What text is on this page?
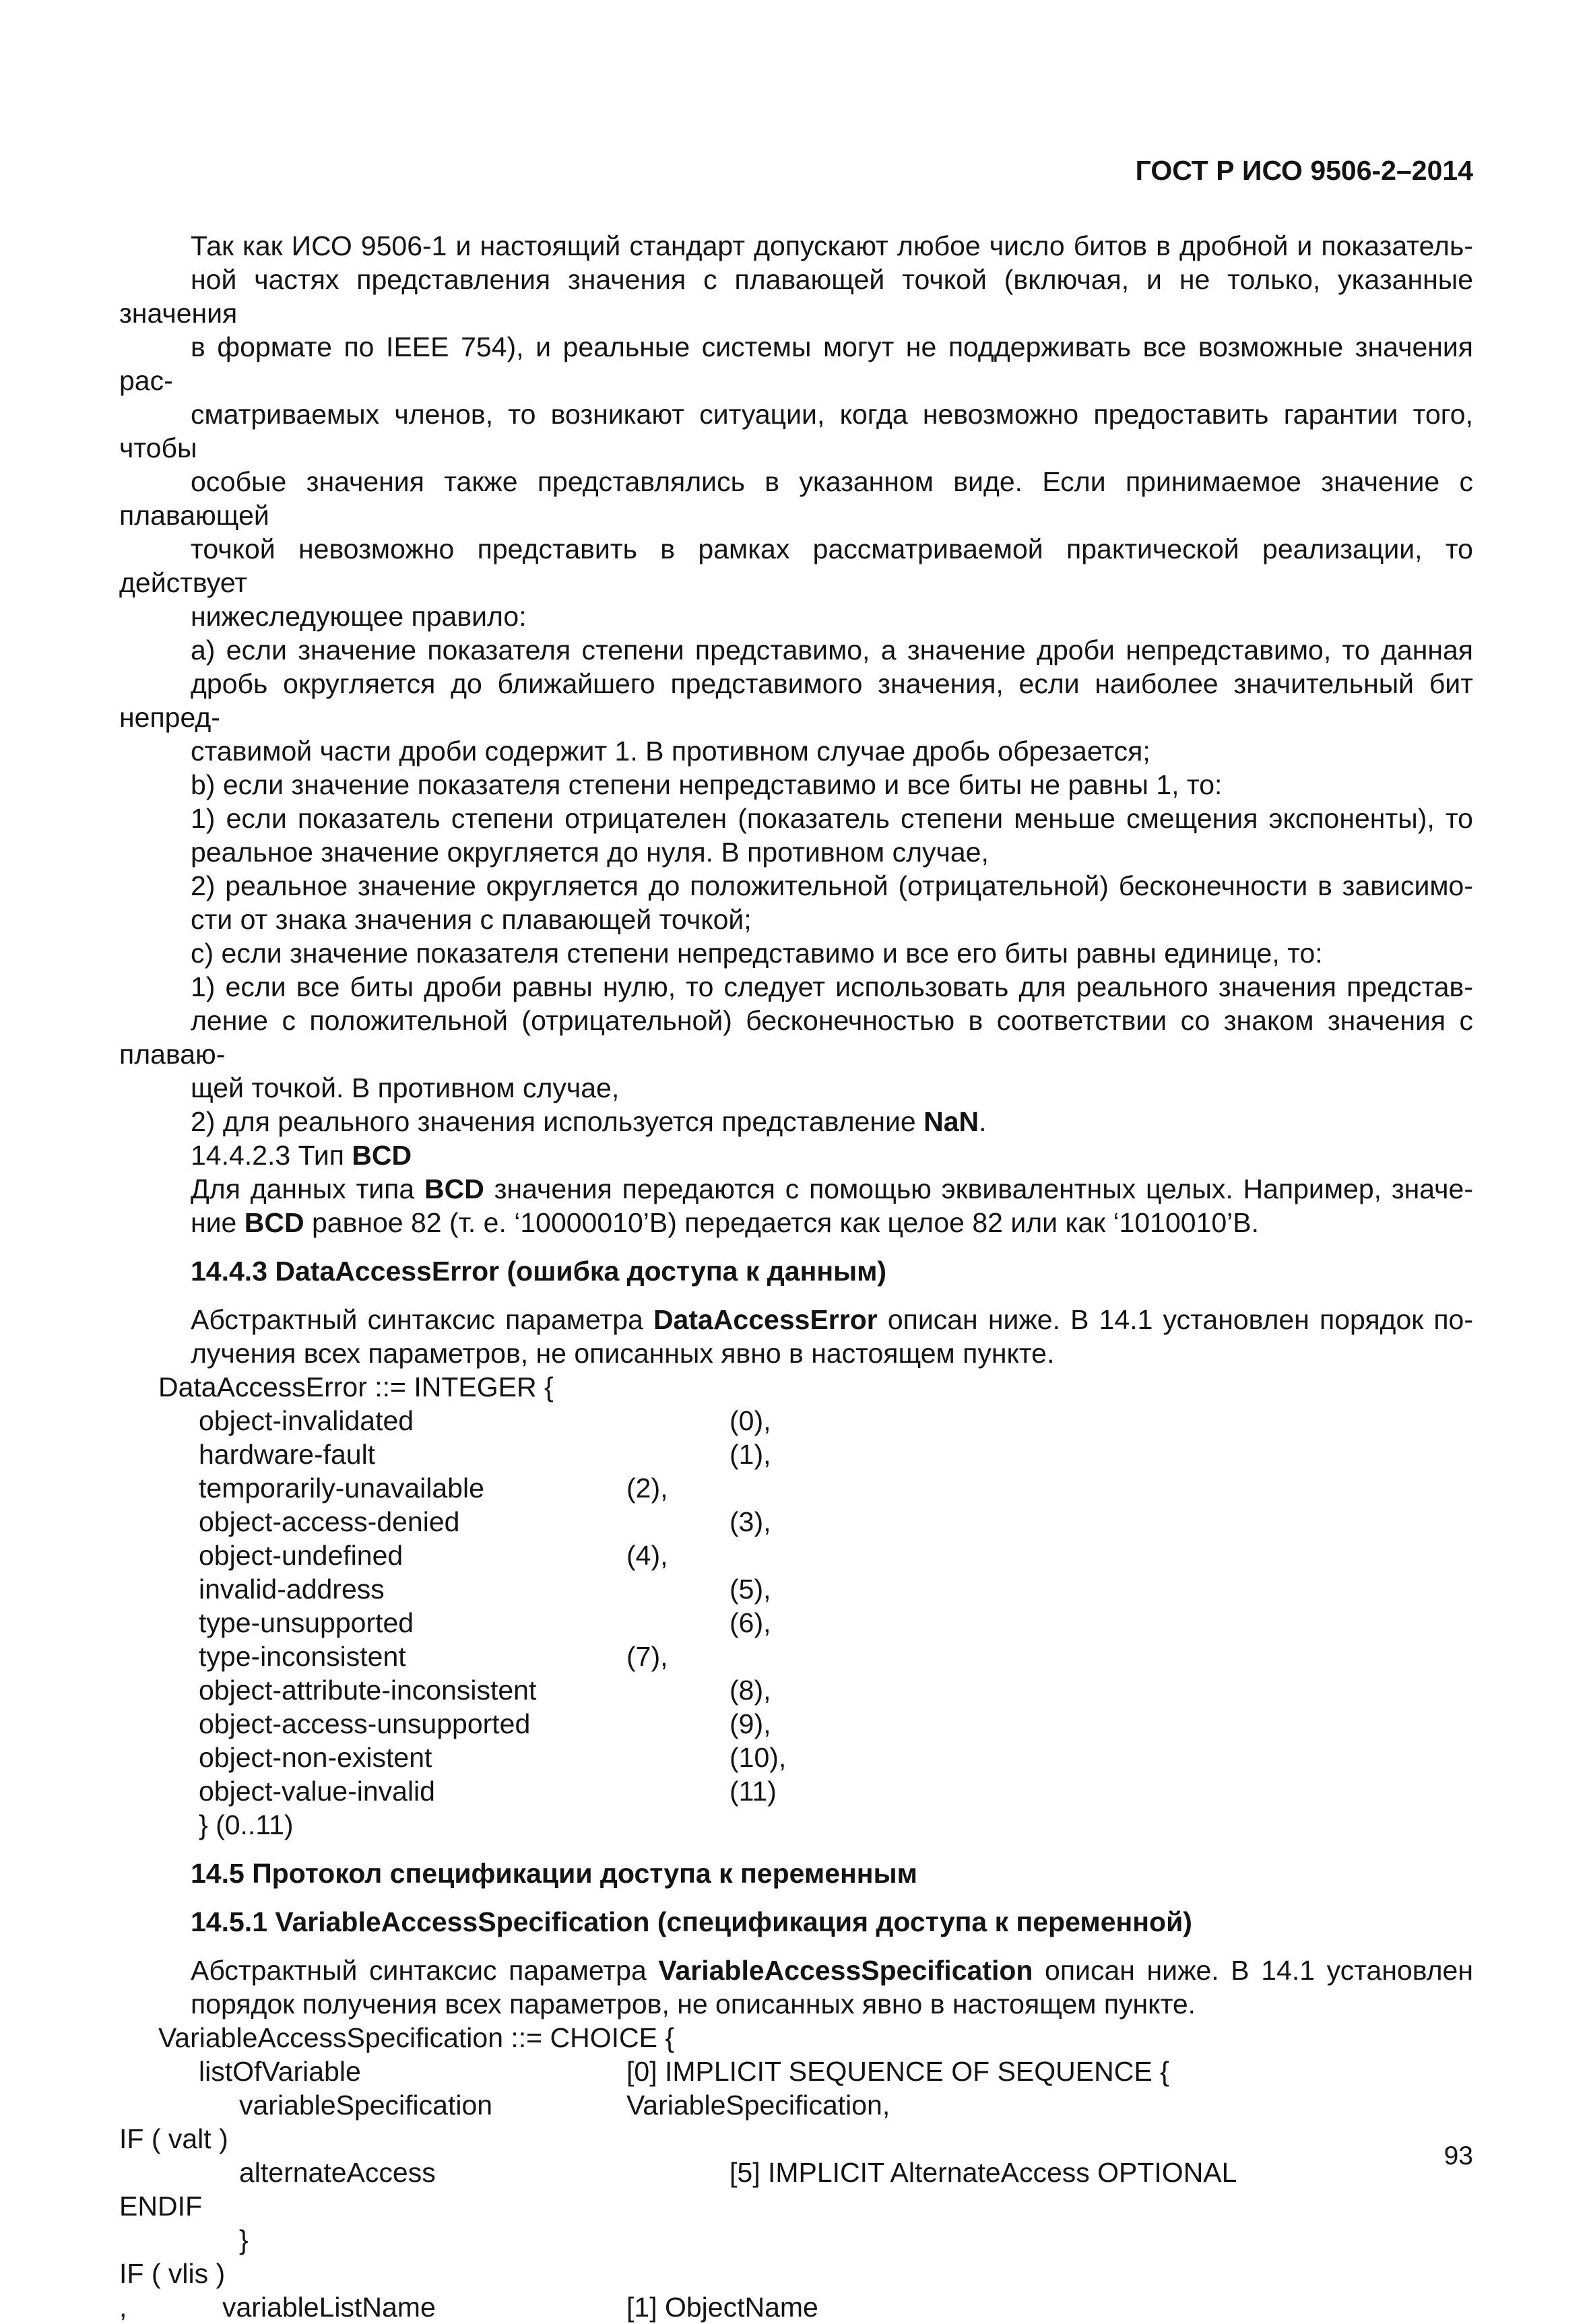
ГОСТ Р ИСО 9506-2–2014
Так как ИСО 9506-1 и настоящий стандарт допускают любое число битов в дробной и показатель-
ной частях представления значения с плавающей точкой (включая, и не только, указанные значения
в формате по IEEE 754), и реальные системы могут не поддерживать все возможные значения рас-
сматриваемых членов, то возникают ситуации, когда невозможно предоставить гарантии того, чтобы
особые значения также представлялись в указанном виде. Если принимаемое значение с плавающей
точкой невозможно представить в рамках рассматриваемой практической реализации, то действует
нижеследующее правило:
а) если значение показателя степени представимо, а значение дроби непредставимо, то данная
дробь округляется до ближайшего представимого значения, если наиболее значительный бит непред-
ставимой части дроби содержит 1. В противном случае дробь обрезается;
b) если значение показателя степени непредставимо и все биты не равны 1, то:
1) если показатель степени отрицателен (показатель степени меньше смещения экспоненты), то
реальное значение округляется до нуля. В противном случае,
2) реальное значение округляется до положительной (отрицательной) бесконечности в зависимо-
сти от знака значения с плавающей точкой;
с) если значение показателя степени непредставимо и все его биты равны единице, то:
1) если все биты дроби равны нулю, то следует использовать для реального значения представ-
ление с положительной (отрицательной) бесконечностью в соответствии со знаком значения с плаваю-
щей точкой. В противном случае,
2) для реального значения используется представление NaN.
14.4.2.3 Тип BCD
Для данных типа BCD значения передаются с помощью эквивалентных целых. Например, значе-
ние BCD равное 82 (т. е. ‘10000010’B) передается как целое 82 или как ‘1010010’B.
14.4.3 DataAccessError (ошибка доступа к данным)
Абстрактный синтаксис параметра DataAccessError описан ниже. В 14.1 установлен порядок по-
лучения всех параметров, не описанных явно в настоящем пункте.
DataAccessError ::= INTEGER {
object-invalidated	(0),
hardware-fault	(1),
temporarily-unavailable	(2),
object-access-denied	(3),
object-undefined	(4),
invalid-address	(5),
type-unsupported	(6),
type-inconsistent	(7),
object-attribute-inconsistent	(8),
object-access-unsupported	(9),
object-non-existent	(10),
object-value-invalid	(11)
} (0..11)
14.5 Протокол спецификации доступа к переменным
14.5.1 VariableAccessSpecification (спецификация доступа к переменной)
Абстрактный синтаксис параметра VariableAccessSpecification описан ниже. В 14.1 установлен
порядок получения всех параметров, не описанных явно в настоящем пункте.
VariableAccessSpecification ::= CHOICE {
listOfVariable	[0] IMPLICIT SEQUENCE OF SEQUENCE {
variableSpecification	VariableSpecification,
IF ( valt )
alternateAccess	[5] IMPLICIT AlternateAccess OPTIONAL
ENDIF
}
IF ( vlis )
,	variableListName	[1] ObjectName
93
